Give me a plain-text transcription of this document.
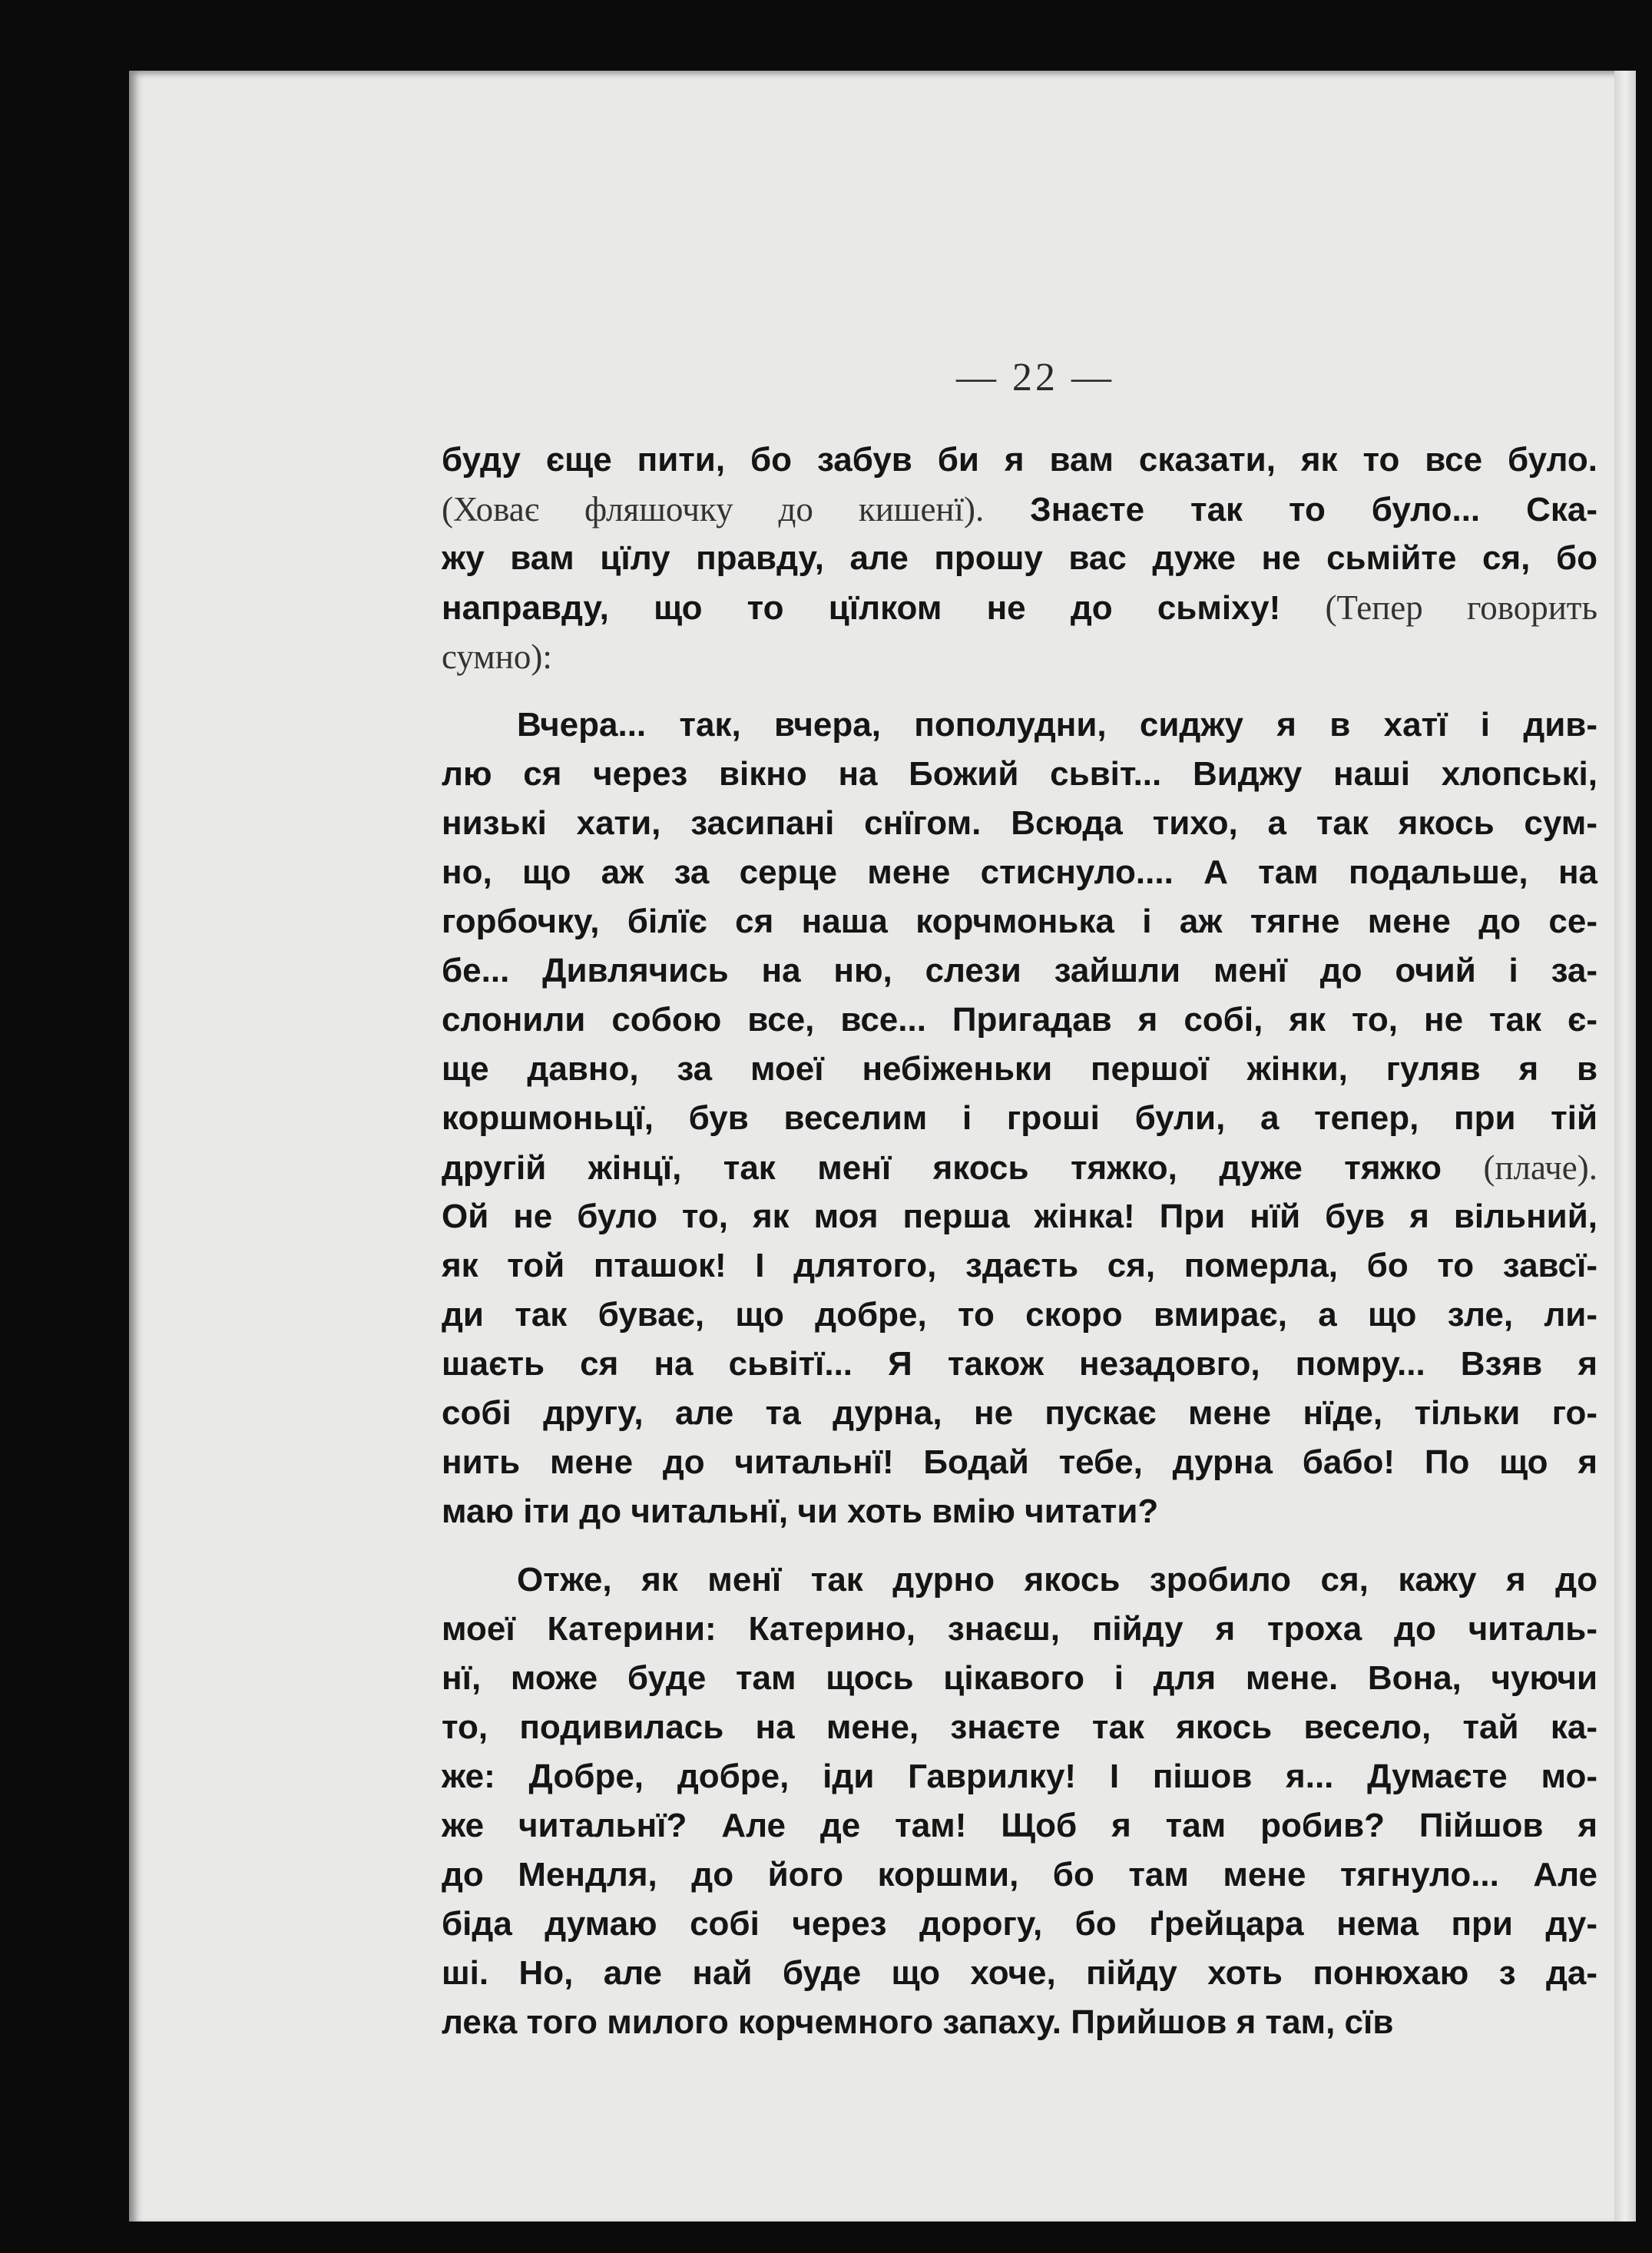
— 22 —
буду єще пити, бо забув би я вам сказати, як то все було.
(Ховає фляшочку до кишенї). Знаєте так то було... Ска-
жу вам цїлу правду, але прошу вас дуже не сьмійте ся, бо
направду, що то цїлком не до сьміху! (Тепер говорить
сумно):
Вчера... так, вчера, пополудни, сиджу я в хатї і див-
лю ся через вікно на Божий сьвіт... Виджу наші хлопські,
низькі хати, засипані снїгом. Всюда тихо, а так якось сум-
но, що аж за серце мене стиснуло.... А там подальше, на
горбочку, білїє ся наша корчмонька і аж тягне мене до се-
бе... Дивлячись на ню, слези зайшли менї до очий і за-
слонили собою все, все... Пригадав я собі, як то, не так є-
ще давно, за моеї небіженьки першої жінки, гуляв я в
коршмоньцї, був веселим і гроші були, а тепер, при тій
другій жінцї, так менї якось тяжко, дуже тяжко (плаче).
Ой не було то, як моя перша жінка! При нїй був я вільний,
як той пташок! І длятого, здаєть ся, померла, бо то завсї-
ди так буває, що добре, то скоро вмирає, а що зле, ли-
шаєть ся на сьвітї... Я також незадовго, помру... Взяв я
собі другу, але та дурна, не пускає мене нїде, тільки го-
нить мене до читальнї! Бодай тебе, дурна бабо! По що я
маю іти до читальнї, чи хоть вмію читати?
Отже, як менї так дурно якось зробило ся, кажу я до
моеї Катерини: Катерино, знаєш, пійду я троха до читаль-
нї, може буде там щось цікавого і для мене. Вона, чуючи
то, подивилась на мене, знаєте так якось весело, тай ка-
же: Добре, добре, іди Гаврилку! І пішов я... Думаєте мо-
же читальнї? Але де там! Щоб я там робив? Пійшов я
до Мендля, до його коршми, бо там мене тягнуло... Але
біда думаю собі через дорогу, бо ґрейцара нема при ду-
ші. Но, але най буде що хоче, пійду хоть понюхаю з да-
лека того милого корчемного запаху. Прийшов я там, сїв
